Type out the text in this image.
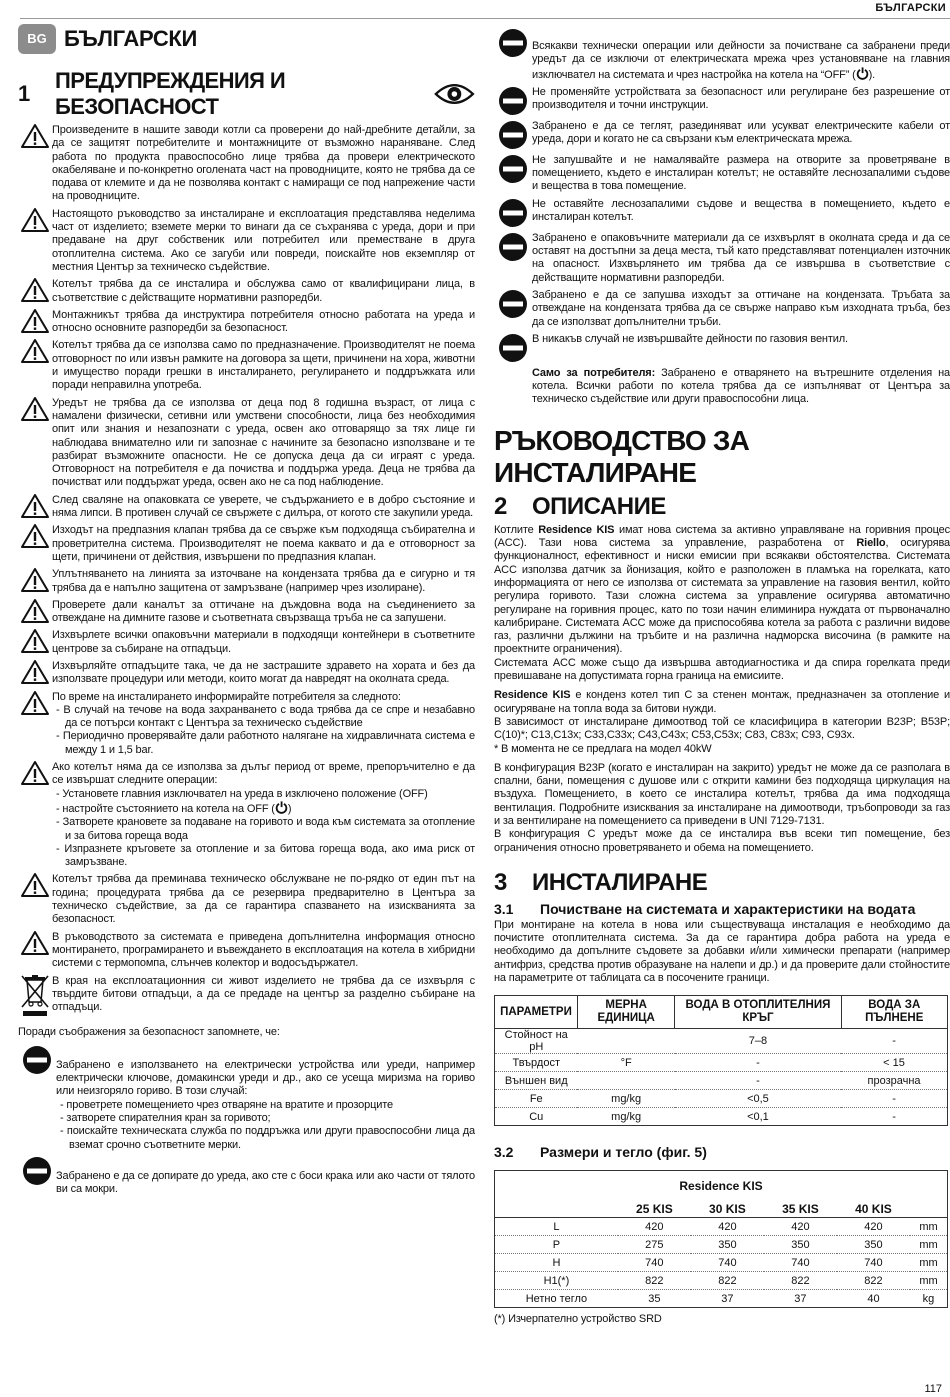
БЪЛГАРСКИ
BG БЪЛГАРСКИ
1
ПРЕДУПРЕЖДЕНИЯ И БЕЗОПАСНОСТ
Произведените в нашите заводи котли са проверени до най-дребните детайли, за да се защитят потребителите и монтажниците от възможно нараняване. След работа по продукта правоспособно лице трябва да провери електрическото окабеляване и по-конкретно оголената част на проводниците, която не трябва да се подава от клемите и да не позволява контакт с намиращи се под напрежение части на проводниците.
Настоящото ръководство за инсталиране и експлоатация представлява неделима част от изделието; вземете мерки то винаги да се съхранява с уреда, дори и при предаване на друг собственик или потребител или преместване в друга отоплителна система. Ако се загуби или повреди, поискайте нов екземпляр от местния Център за техническо съдействие.
Котелът трябва да се инсталира и обслужва само от квалифицирани лица, в съответствие с действащите нормативни разпоредби.
Монтажникът трябва да инструктира потребителя относно работата на уреда и относно основните разпоредби за безопасност.
Котелът трябва да се използва само по предназначение. Производителят не поема отговорност по или извън рамките на договора за щети, причинени на хора, животни и имущество поради грешки в инсталирането, регулирането и поддръжката или поради неправилна употреба.
Уредът не трябва да се използва от деца под 8 годишна възраст, от лица с намалени физически, сетивни или умствени способности, лица без необходимия опит или знания и незапознати с уреда, освен ако отговарящо за тях лице ги наблюдава внимателно или ги запознае с начините за безопасно използване и те разбират възможните опасности. Не се допуска деца да си играят с уреда. Отговорност на потребителя е да почиства и поддържа уреда. Деца не трябва да почистват или поддържат уреда, освен ако не са под наблюдение.
След сваляне на опаковката се уверете, че съдържанието е в добро състояние и няма липси. В противен случай се свържете с дилъра, от когото сте закупили уреда.
Изходът на предпазния клапан трябва да се свърже към подходяща събирателна и проветрителна система. Производителят не поема каквато и да е отговорност за щети, причинени от действия, извършени по предпазния клапан.
Уплътняването на линията за източване на кондензата трябва да е сигурно и тя трябва да е напълно защитена от замръзване (например чрез изолиране).
Проверете дали каналът за оттичане на дъждовна вода на съединението за отвеждане на димните газове и съответната свързваща тръба не са запушени.
Изхвърлете всички опаковъчни материали в подходящи контейнери в съответните центрове за събиране на отпадъци.
Изхвърляйте отпадъците така, че да не застрашите здравето на хората и без да използвате процедури или методи, които могат да навредят на околната среда.
По време на инсталирането информирайте потребителя за следното:
- В случай на течове на вода захранването с вода трябва да се спре и незабавно да се потърси контакт с Центъра за техническо съдействие
- Периодично проверявайте дали работното налягане на хидравличната система е между 1 и 1,5 bar.
Ако котелът няма да се използва за дълъг период от време, препоръчително е да се извършат следните операции:
- Установете главния изключвател на уреда в изключено положение (OFF)
- настройте състоянието на котела на OFF ( )
- Затворете крановете за подаване на горивото и вода към системата за отопление и за битова гореща вода
- Изпразнете кръговете за отопление и за битова гореща вода, ако има риск от замръзване.
Котелът трябва да преминава техническо обслужване не по-рядко от един път на година; процедурата трябва да се резервира предварително в Центъра за техническо съдействие, за да се гарантира спазването на изискванията за безопасност.
В ръководството за системата е приведена допълнителна информация относно монтирането, програмирането и въвеждането в експлоатация на котела в хибридни системи с термопомпа, слънчев колектор и водосъдържател.
В края на експлоатационния си живот изделието не трябва да се изхвърля с твърдите битови отпадъци, а да се предаде на център за разделно събиране на отпадъци.
Поради съображения за безопасност запомнете, че:
Забранено е използването на електрически устройства или уреди, например електрически ключове, домакински уреди и др., ако се усеща миризма на гориво или неизгоряло гориво. В този случай:
- проветрете помещението чрез отваряне на вратите и прозорците
- затворете спирателния кран за горивото;
- поискайте техническата служба по поддръжка или други правоспособни лица да вземат срочно съответните мерки.
Забранено е да се допирате до уреда, ако сте с боси крака или ако части от тялото ви са мокри.
Всякакви технически операции или дейности за почистване са забранени преди уредът да се изключи от електрическата мрежа чрез установяване на главния изключвател на системата и чрез настройка на котела на “OFF” ( ).
Не променяйте устройствата за безопасност или регулиране без разрешение от производителя и точни инструкции.
Забранено е да се теглят, разединяват или усукват електрическите кабели от уреда, дори и когато не са свързани към електрическата мрежа.
Не запушвайте и не намалявайте размера на отворите за проветряване в помещението, където е инсталиран котелът; не оставяйте леснозапалими съдове и вещества в това помещение.
Не оставяйте леснозапалими съдове и вещества в помещението, където е инсталиран котелът.
Забранено е опаковъчните материали да се изхвърлят в околната среда и да се оставят на достъпни за деца места, тъй като представляват потенциален източник на опасност. Изхвърлянето им трябва да се извършва в съответствие с действащите нормативни разпоредби.
Забранено е да се запушва изходът за оттичане на кондензата. Тръбата за отвеждане на кондензата трябва да се свърже направо към изходната тръба, без да се използват допълнителни тръби.
В никакъв случай не извършвайте дейности по газовия вентил.
Само за потребителя: Забранено е отварянето на вътрешните отделения на котела. Всички работи по котела трябва да се изпълняват от Центъра за техническо съдействие или други правоспособни лица.
РЪКОВОДСТВО ЗА ИНСТАЛИРАНЕ
2 ОПИСАНИЕ
Котлите Residence KIS имат нова система за активно управляване на горивния процес (ACC). Тази нова система за управление, разработена от Riello, осигурява функционалност, ефективност и ниски емисии при всякакви обстоятелства. Системата ACC използва датчик за йонизация, който е разположен в пламъка на горелката, като информацията от него се използва от системата за управление на газовия вентил, който регулира горивото. Тази сложна система за управление осигурява автоматично регулиране на горивния процес, като по този начин елиминира нуждата от първоначално калибриране. Системата ACC може да приспособява котела за работа с различни видове газ, различни дължини на тръбите и на различна надморска височина (в рамките на проектните ограничения).
Системата ACC може също да извършва автодиагностика и да спира горелката преди превишаване на допустимата горна граница на емисиите.
Residence KIS е конденз котел тип C за стенен монтаж, предназначен за отопление и осигуряване на топла вода за битови нужди.
В зависимост от инсталиране димоотвод той се класифицира в категории B23P; B53P; C(10)*; C13,C13x; C33,C33x; C43,C43x; C53,C53x; C83, C83x; C93, C93x.
* В момента не се предлага на модел 40kW
В конфигурация B23P (когато е инсталиран на закрито) уредът не може да се разполага в спални, бани, помещения с душове или с открити камини без подходяща циркулация на въздуха. Помещението, в което се инсталира котелът, трябва да има подходяща вентилация. Подробните изисквания за инсталиране на димоотводи, тръбопроводи за газ и за вентилиране на помещението са приведени в UNI 7129-7131.
В конфигурация C уредът може да се инсталира във всеки тип помещение, без ограничения относно проветряването и обема на помещението.
3 ИНСТАЛИРАНЕ
3.1 Почистване на системата и характеристики на водата
При монтиране на котела в нова или съществуваща инсталация е необходимо да почистите отоплителната система. За да се гарантира добра работа на уреда е необходимо да допълните съдовете за добавки и/или химически препарати (например антифриз, средства против образуване на налепи и др.) и да проверите дали стойностите на параметрите от таблицата са в посочените граници.
ПАРАМЕТРИ	МЕРНА ЕДИНИЦА	ВОДА В ОТОПЛИТЕЛНИЯ КРЪГ	ВОДА ЗА ПЪЛНЕНЕ
Стойност на pH		7–8	-
Твърдост	°F	-	< 15
Външен вид		-	прозрачна
Fe	mg/kg	<0,5	-
Cu	mg/kg	<0,1	-
3.2 Размери и тегло (фиг. 5)
Residence KIS					
	25 KIS	30 KIS	35 KIS	40 KIS	
L	420	420	420	420	mm
P	275	350	350	350	mm
H	740	740	740	740	mm
H1(*)	822	822	822	822	mm
Нетно тегло	35	37	37	40	kg
(*) Изчерпателно устройство SRD
117
